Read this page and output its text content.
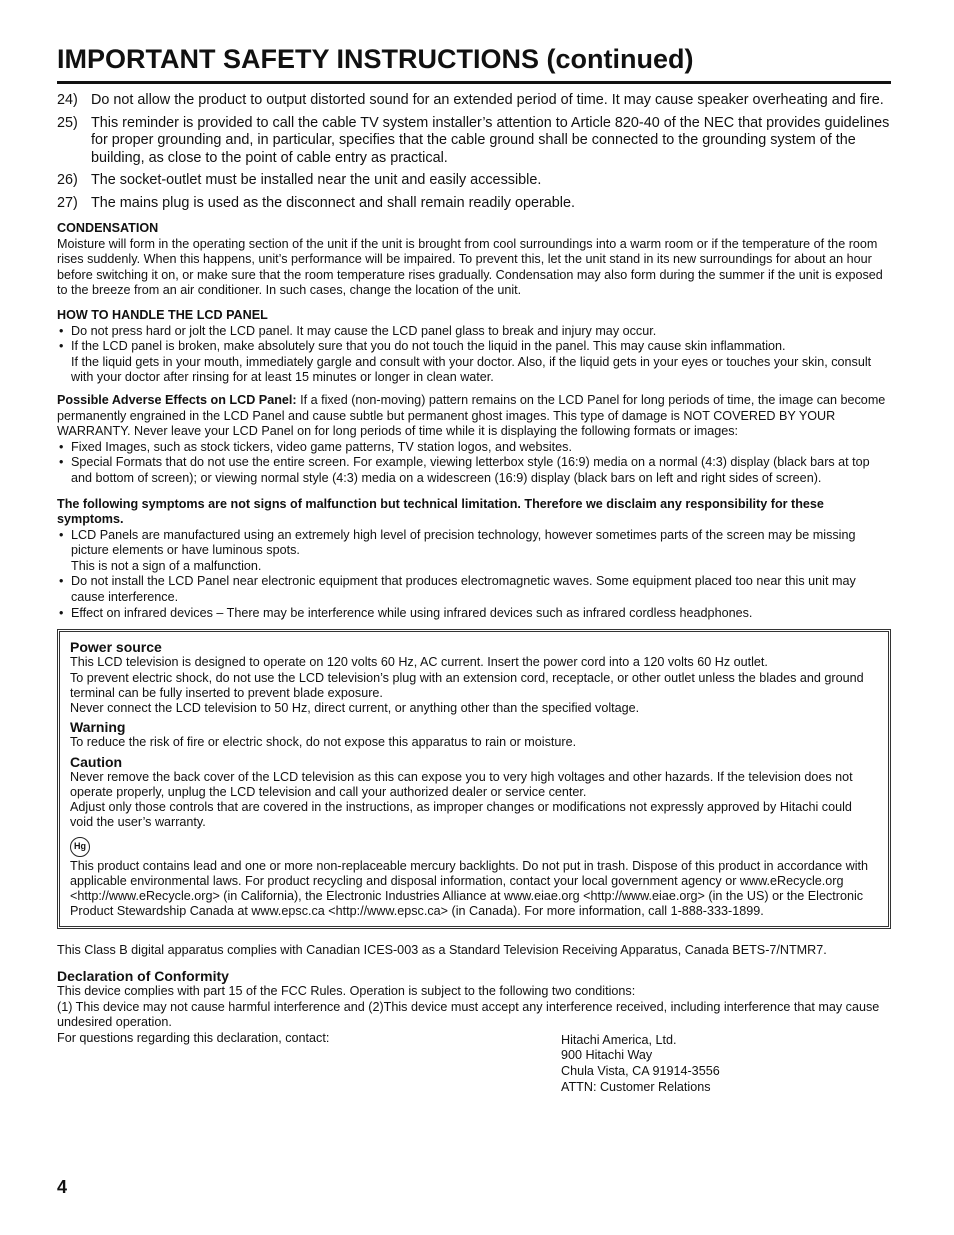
IMPORTANT SAFETY INSTRUCTIONS (continued)
24) Do not allow the product to output distorted sound for an extended period of time. It may cause speaker overheating and fire.
25) This reminder is provided to call the cable TV system installer’s attention to Article 820-40 of the NEC that provides guidelines for proper grounding and, in particular, specifies that the cable ground shall be connected to the grounding system of the building, as close to the point of cable entry as practical.
26) The socket-outlet must be installed near the unit and easily accessible.
27) The mains plug is used as the disconnect and shall remain readily operable.
CONDENSATION

Moisture will form in the operating section of the unit if the unit is brought from cool surroundings into a warm room or if the temperature of the room rises suddenly. When this happens, unit’s performance will be impaired. To prevent this, let the unit stand in its new surroundings for about an hour before switching it on, or make sure that the room temperature rises gradually. Condensation may also form during the summer if the unit is exposed to the breeze from an air conditioner. In such cases, change the location of the unit.

HOW TO HANDLE THE LCD PANEL
• Do not press hard or jolt the LCD panel. It may cause the LCD panel glass to break and injury may occur.
• If the LCD panel is broken, make absolutely sure that you do not touch the liquid in the panel. This may cause skin inflammation.
If the liquid gets in your mouth, immediately gargle and consult with your doctor. Also, if the liquid gets in your eyes or touches your skin, consult with your doctor after rinsing for at least 15 minutes or longer in clean water.

Possible Adverse Effects on LCD Panel: If a fixed (non-moving) pattern remains on the LCD Panel for long periods of time, the image can become permanently engrained in the LCD Panel and cause subtle but permanent ghost images. This type of damage is NOT COVERED BY YOUR WARRANTY. Never leave your LCD Panel on for long periods of time while it is displaying the following formats or images:

• Fixed Images, such as stock tickers, video game patterns, TV station logos, and websites.
• Special Formats that do not use the entire screen. For example, viewing letterbox style (16:9) media on a normal (4:3) display (black bars at top and bottom of screen); or viewing normal style (4:3) media on a widescreen (16:9) display (black bars on left and right sides of screen).

The following symptoms are not signs of malfunction but technical limitation. Therefore we disclaim any responsibility for these symptoms.

• LCD Panels are manufactured using an extremely high level of precision technology, however sometimes parts of the screen may be missing picture elements or have luminous spots.
This is not a sign of a malfunction.
• Do not install the LCD Panel near electronic equipment that produces electromagnetic waves. Some equipment placed too near this unit may cause interference.
• Effect on infrared devices – There may be interference while using infrared devices such as infrared cordless headphones.
Power source
This LCD television is designed to operate on 120 volts 60 Hz, AC current. Insert the power cord into a 120 volts 60 Hz outlet.
To prevent electric shock, do not use the LCD television’s plug with an extension cord, receptacle, or other outlet unless the blades and ground terminal can be fully inserted to prevent blade exposure.
Never connect the LCD television to 50 Hz, direct current, or anything other than the specified voltage.
Warning
To reduce the risk of fire or electric shock, do not expose this apparatus to rain or moisture.
Caution
Never remove the back cover of the LCD television as this can expose you to very high voltages and other hazards. If the television does not operate properly, unplug the LCD television and call your authorized dealer or service center.
Adjust only those controls that are covered in the instructions, as improper changes or modifications not expressly approved by Hitachi could void the user’s warranty.
Hg
This product contains lead and one or more non-replaceable mercury backlights. Do not put in trash. Dispose of this product in accordance with applicable environmental laws. For product recycling and disposal information, contact your local government agency or www.eRecycle.org <http://www.eRecycle.org> (in California), the Electronic Industries Alliance at www.eiae.org <http://www.eiae.org> (in the US) or the Electronic Product Stewardship Canada at www.epsc.ca <http://www.epsc.ca> (in Canada). For more information, call 1-888-333-1899.
This Class B digital apparatus complies with Canadian ICES-003 as a Standard Television Receiving Apparatus, Canada BETS-7/NTMR7.
Declaration of Conformity
This device complies with part 15 of the FCC Rules. Operation is subject to the following two conditions:
(1) This device may not cause harmful interference and (2)This device must accept any interference received, including interference that may cause undesired operation.
For questions regarding this declaration, contact:	Hitachi America, Ltd.
900 Hitachi Way
Chula Vista, CA 91914-3556
ATTN: Customer Relations
4
